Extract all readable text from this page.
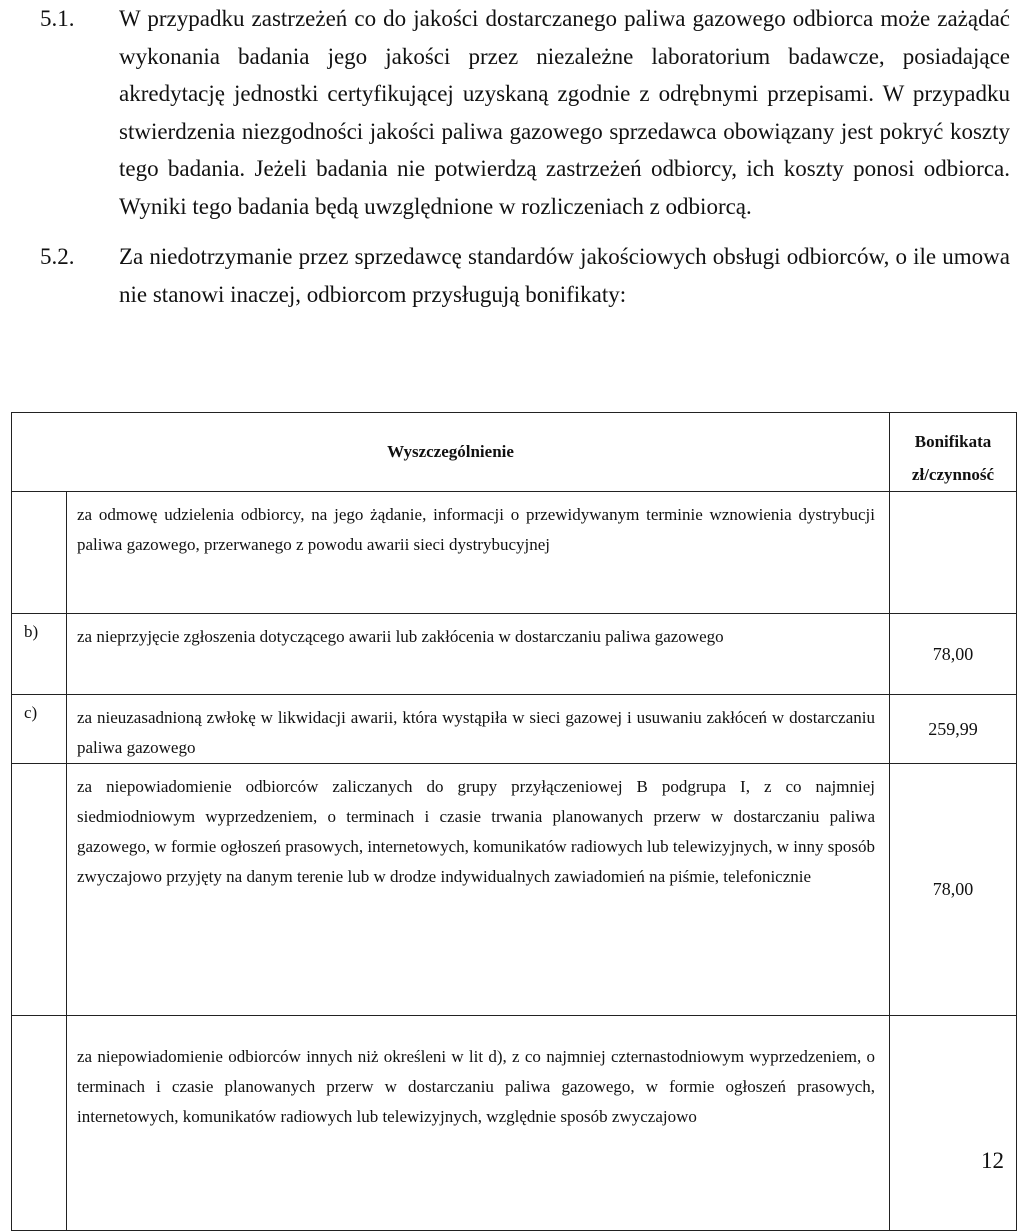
5.1. W przypadku zastrzeżeń co do jakości dostarczanego paliwa gazowego odbiorca może zażądać wykonania badania jego jakości przez niezależne laboratorium badawcze, posiadające akredytację jednostki certyfikującej uzyskaną zgodnie z odrębnymi przepisami. W przypadku stwierdzenia niezgodności jakości paliwa gazowego sprzedawca obowiązany jest pokryć koszty tego badania. Jeżeli badania nie potwierdzą zastrzeżeń odbiorcy, ich koszty ponosi odbiorca. Wyniki tego badania będą uwzględnione w rozliczeniach z odbiorcą.
5.2. Za niedotrzymanie przez sprzedawcę standardów jakościowych obsługi odbiorców, o ile umowa nie stanowi inaczej, odbiorcom przysługują bonifikaty:
Wyszczególnienie		Bonifikata
zł/czynność

	za odmowę udzielenia odbiorcy, na jego żądanie, informacji o przewidywanym terminie wznowienia dystrybucji paliwa gazowego, przerwanego z powodu awarii sieci dystrybucyjnej	
b)	za nieprzyjęcie zgłoszenia dotyczącego awarii lub zakłócenia w dostarczaniu paliwa gazowego	78,00
c)	za nieuzasadnioną zwłokę w likwidacji awarii, która wystąpiła w sieci gazowej i usuwaniu zakłóceń w dostarczaniu paliwa gazowego	259,99
	za niepowiadomienie odbiorców zaliczanych do grupy przyłączeniowej B podgrupa I, z co najmniej siedmiodniowym wyprzedzeniem, o terminach i czasie trwania planowanych przerw w dostarczaniu paliwa gazowego, w formie ogłoszeń prasowych, internetowych, komunikatów radiowych lub telewizyjnych, w inny sposób zwyczajowo przyjęty na danym terenie lub w drodze indywidualnych zawiadomień na piśmie, telefonicznie	78,00
	za niepowiadomienie odbiorców innych niż określeni w lit d), z co najmniej czternastodniowym wyprzedzeniem, o terminach i czasie planowanych przerw w dostarczaniu paliwa gazowego, w formie ogłoszeń prasowych, internetowych, komunikatów radiowych lub telewizyjnych, względnie sposób zwyczajowo	
12
